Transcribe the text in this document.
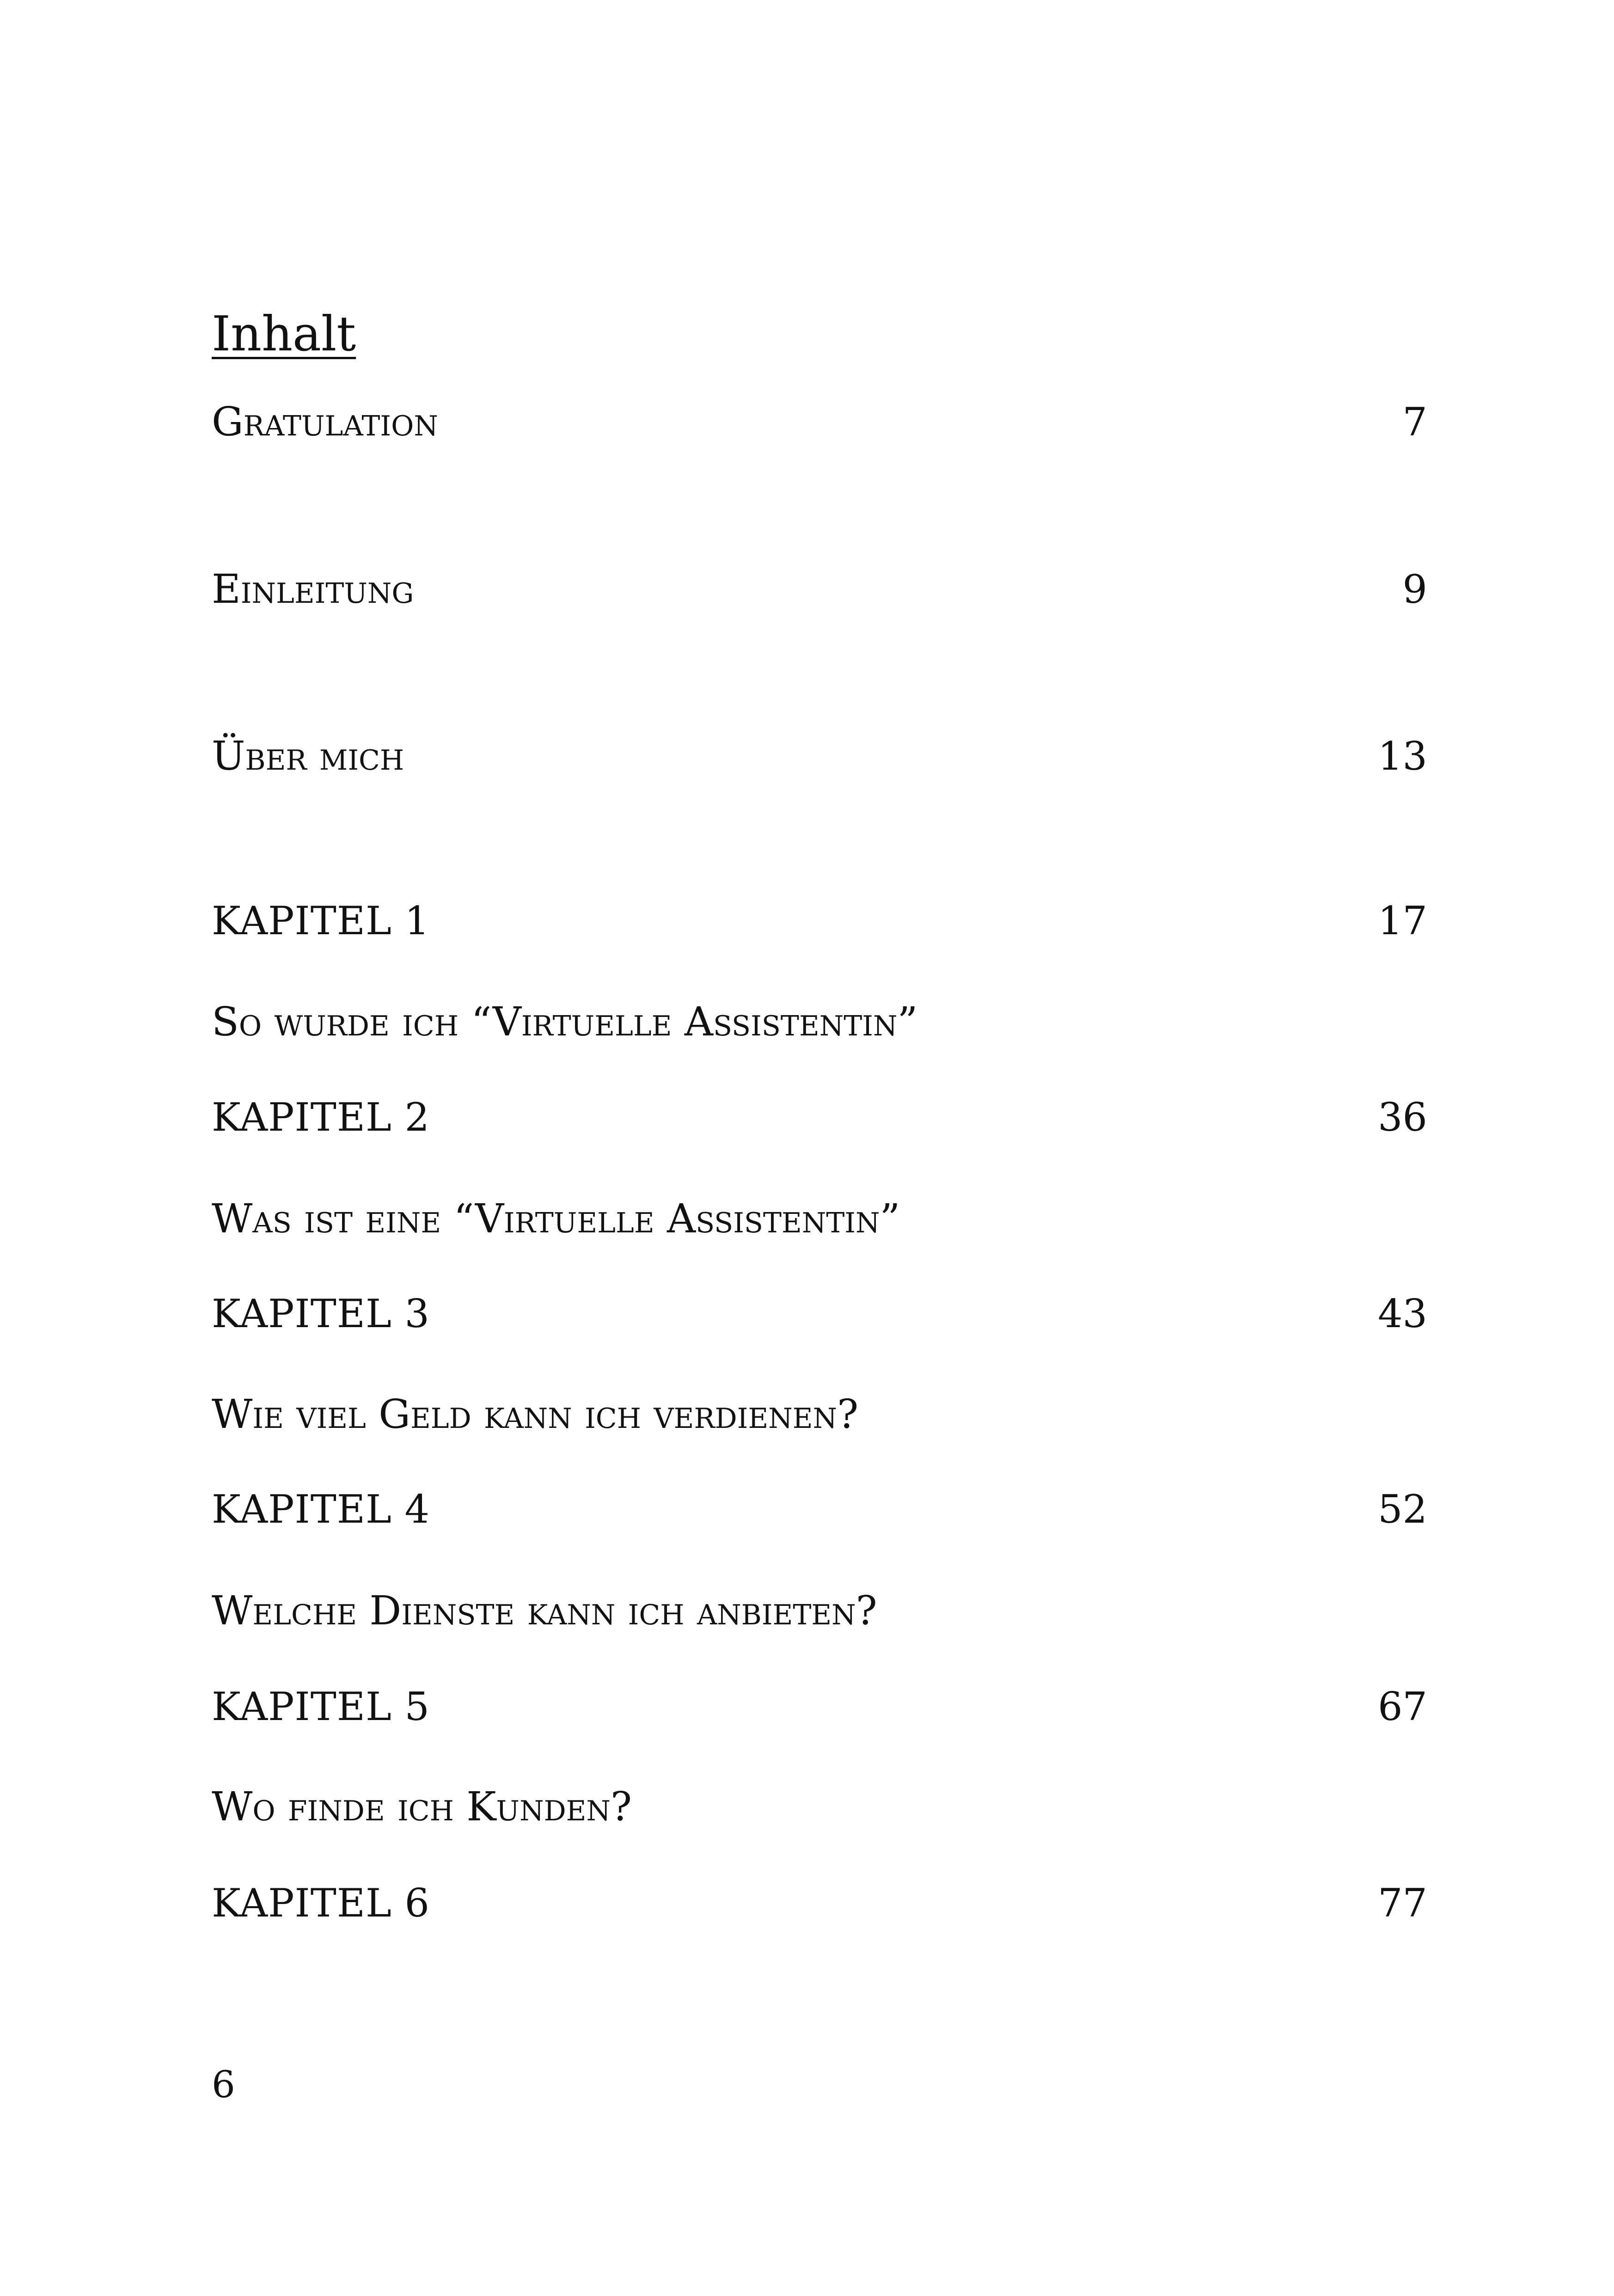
Inhalt
Gratulation	7
Einleitung	9
Über mich	13
KAPITEL 1	17
So wurde ich “Virtuelle Assistentin”
KAPITEL 2	36
Was ist eine “Virtuelle Assistentin”
KAPITEL 3	43
Wie viel Geld kann ich verdienen?
KAPITEL 4	52
Welche Dienste kann ich anbieten?
KAPITEL 5	67
Wo finde ich Kunden?
KAPITEL 6	77
6
